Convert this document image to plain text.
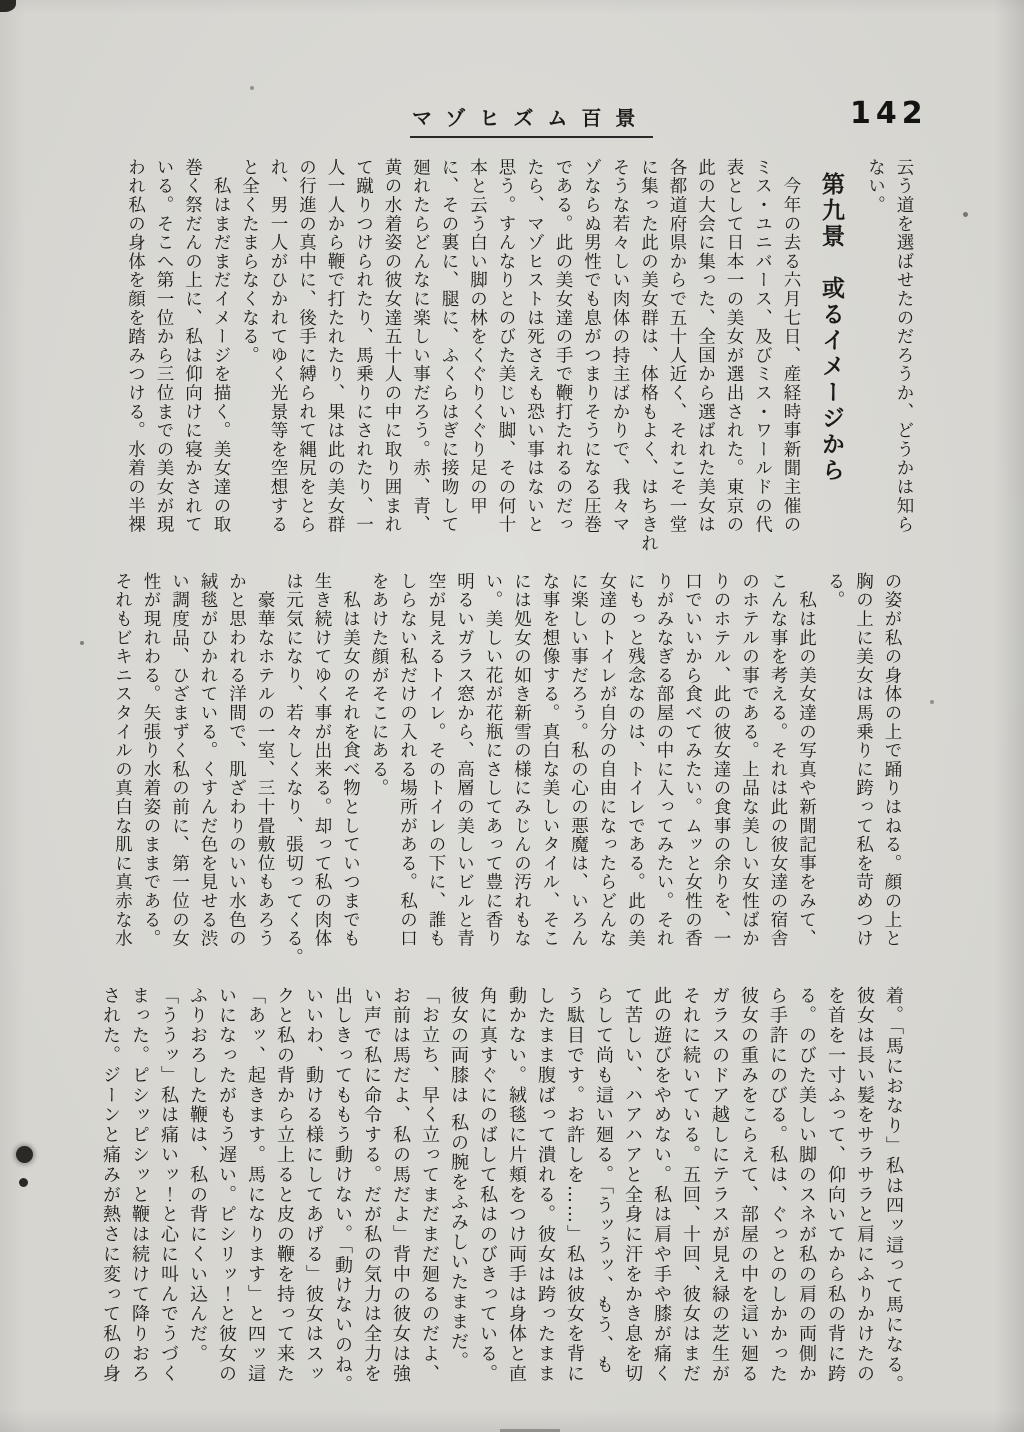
マゾヒズム百景	142
云う道を選ばせたのだろうか、どうかは知ら
ない。
第九景　或るイメージから
　今年の去る六月七日、産経時事新聞主催の
ミス・ユニバース、及びミス・ワールドの代
表として日本一の美女が選出された。東京の
此の大会に集った、全国から選ばれた美女は
各都道府県からで五十人近く、それこそ一堂
に集った此の美女群は、体格もよく、はちきれ
そうな若々しい肉体の持主ばかりで、我々マ
ゾならぬ男性でも息がつまりそうになる圧巻
である。此の美女達の手で鞭打たれるのだっ
たら、マゾヒストは死さえも恐い事はないと
思う。すんなりとのびた美じい脚、その何十
本と云う白い脚の林をくぐりくぐり足の甲
に、その裏に、腿に、ふくらはぎに接吻して
廻れたらどんなに楽しい事だろう。赤、青、
黄の水着姿の彼女達五十人の中に取り囲まれ
て蹴りつけられたり、馬乗りにされたり、一
人一人から鞭で打たれたり、果は此の美女群
の行進の真中に、後手に縛られて縄尻をとら
れ、男一人がひかれてゆく光景等を空想する
と全くたまらなくなる。
　私はまだまだイメージを描く。美女達の取
巻く祭だんの上に、私は仰向けに寝かされて
いる。そこへ第一位から三位までの美女が現
われ私の身体を顔を踏みつける。水着の半裸
の姿が私の身体の上で踊りはねる。顔の上と
胸の上に美女は馬乗りに跨って私を苛めつけ
る。
　私は此の美女達の写真や新聞記事をみて、
こんな事を考える。それは此の彼女達の宿舎
のホテルの事である。上品な美しい女性ばか
りのホテル、此の彼女達の食事の余りを、一
口でいいから食べてみたい。ムッと女性の香
りがみなぎる部屋の中に入ってみたい。それ
にもっと残念なのは、トイレである。此の美
女達のトイレが自分の自由になったらどんな
に楽しい事だろう。私の心の悪魔は、いろん
な事を想像する。真白な美しいタイル、そこ
には処女の如き新雪の様にみじんの汚れもな
い。美しい花が花瓶にさしてあって豊に香り
明るいガラス窓から、高層の美しいビルと青
空が見えるトイレ。そのトイレの下に、誰も
しらない私だけの入れる場所がある。私の口
をあけた顔がそこにある。
　私は美女のそれを食べ物としていつまでも
生き続けてゆく事が出来る。却って私の肉体
は元気になり、若々しくなり、張切ってくる。
　豪華なホテルの一室、三十畳敷位もあろう
かと思われる洋間で、肌ざわりのいい水色の
絨毯がひかれている。くすんだ色を見せる渋
い調度品、ひざまずく私の前に、第一位の女
性が現れわる。矢張り水着姿のままである。
それもビキニスタイルの真白な肌に真赤な水
着。「馬におなり」私は四ッ這って馬になる。
彼女は長い髪をサラサラと肩にふりかけたの
を首を一寸ふって、仰向いてから私の背に跨
る。のびた美しい脚のスネが私の肩の両側か
ら手許にのびる。私は、ぐっとのしかかった
彼女の重みをこらえて、部屋の中を這い廻る
ガラスのドア越しにテラスが見え緑の芝生が
それに続いている。五回、十回、彼女はまだ
此の遊びをやめない。私は肩や手や膝が痛く
て苦しい、ハアハアと全身に汗をかき息を切
らして尚も這い廻る。「うッうッ、もう、も
う駄目です。お許しを……」私は彼女を背に
したまま腹ばって潰れる。彼女は跨ったまま
動かない。絨毯に片頬をつけ両手は身体と直
角に真すぐにのばして私はのびきっている。
彼女の両膝は 私の腕をふみしいたままだ。
「お立ち、早く立ってまだまだ廻るのだよ、
お前は馬だよ、私の馬だよ」背中の彼女は強
い声で私に命令する。だが私の気力は全力を
出しきってももう動けない。「動けないのね。
いいわ、動ける様にしてあげる」彼女はスッ
クと私の背から立上ると皮の鞭を持って来た
「あッ、起きます。馬になります」と四ッ這
いになったがもう遅い。ピシリッ！と彼女の
ふりおろした鞭は、私の背にくい込んだ。
「ううッ」私は痛いッ！と心に叫んでうづく
まった。ピシッピシッと鞭は続けて降りおろ
された。ジーンと痛みが熱さに変って私の身
